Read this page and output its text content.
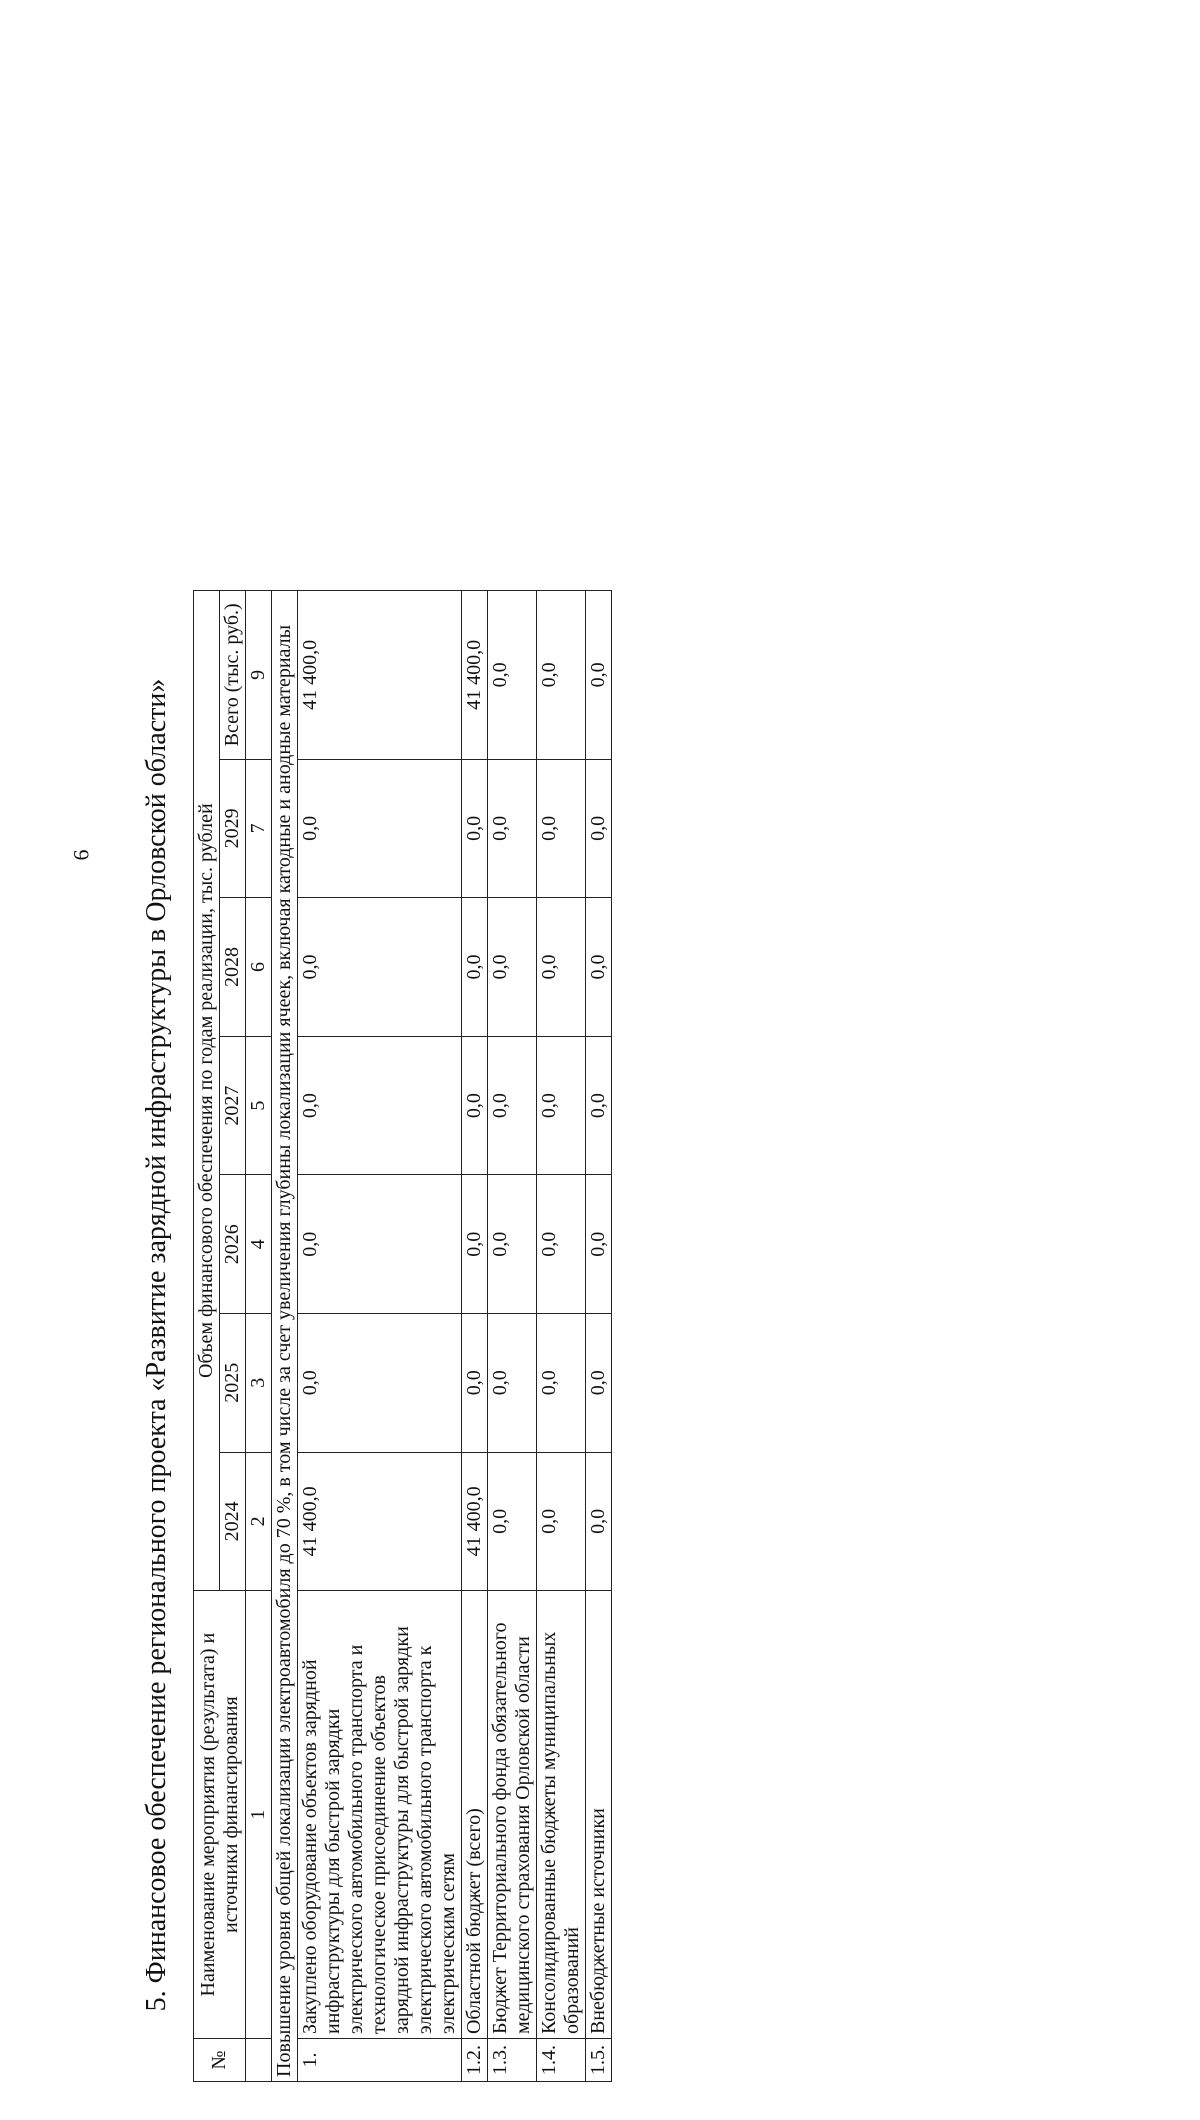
6 5. Финансовое обеспечение регионального проекта «Развитие зарядной инфраструктуры в Орловской области»
№	Наименование мероприятия (результата) и источники финансирования	Объем финансового обеспечения по годам реализации, тыс. рублей						
		2024	2025	2026	2027	2028	2029	Всего (тыс. руб.)
	1	2	3	4	5	6	7	9
Повышение уровня общей локализации электроавтомобиля до 70 %, в том числе за счет увеличения глубины локализации ячеек, включая катодные и анодные материалы								
1.	Закуплено оборудование объектов зарядной инфраструктуры для быстрой зарядки электрического автомобильного транспорта и технологическое присоединение объектов зарядной инфраструктуры для быстрой зарядки электрического автомобильного транспорта к электрическим сетям	41 400,0	0,0	0,0	0,0	0,0	0,0	41 400,0
1.2.	Областной бюджет (всего)	41 400,0	0,0	0,0	0,0	0,0	0,0	41 400,0
1.3.	Бюджет Территориального фонда обязательного медицинского страхования Орловской области	0,0	0,0	0,0	0,0	0,0	0,0	0,0
1.4.	Консолидированные бюджеты муниципальных образований	0,0	0,0	0,0	0,0	0,0	0,0	0,0
1.5.	Внебюджетные источники	0,0	0,0	0,0	0,0	0,0	0,0	0,0
